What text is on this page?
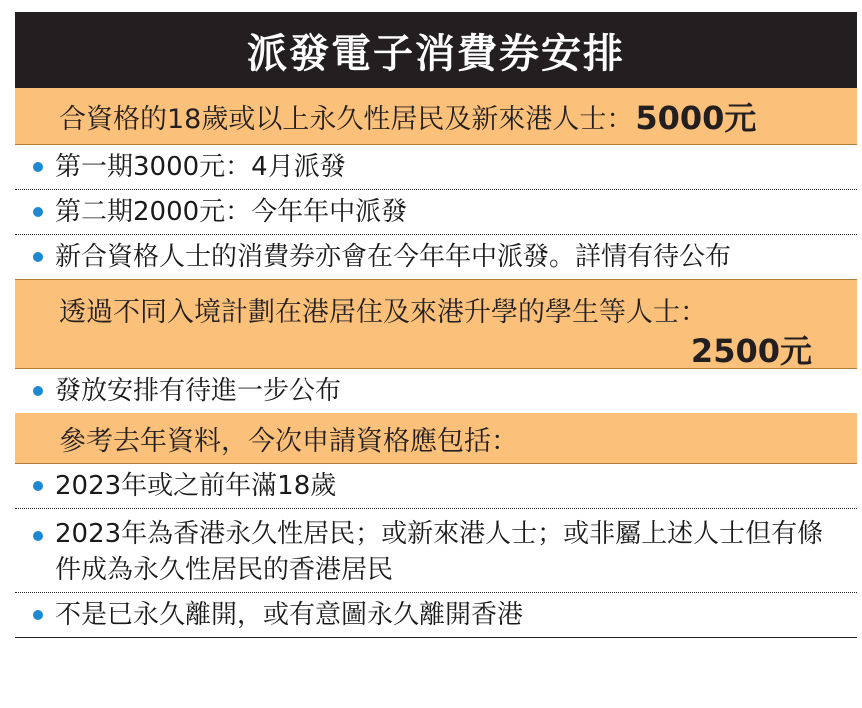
派發電子消費券安排
合資格的18歲或以上永久性居民及新來港人士： 5000元
第一期3000元：4月派發
第二期2000元：今年年中派發
新合資格人士的消費券亦會在今年年中派發。詳情有待公布
透過不同入境計劃在港居住及來港升學的學生等人士：
2500元
發放安排有待進一步公布
參考去年資料，今次申請資格應包括：
2023年或之前年滿18歲
2023年為香港永久性居民；或新來港人士；或非屬上述人士但有條件成為永久性居民的香港居民
不是已永久離開，或有意圖永久離開香港
